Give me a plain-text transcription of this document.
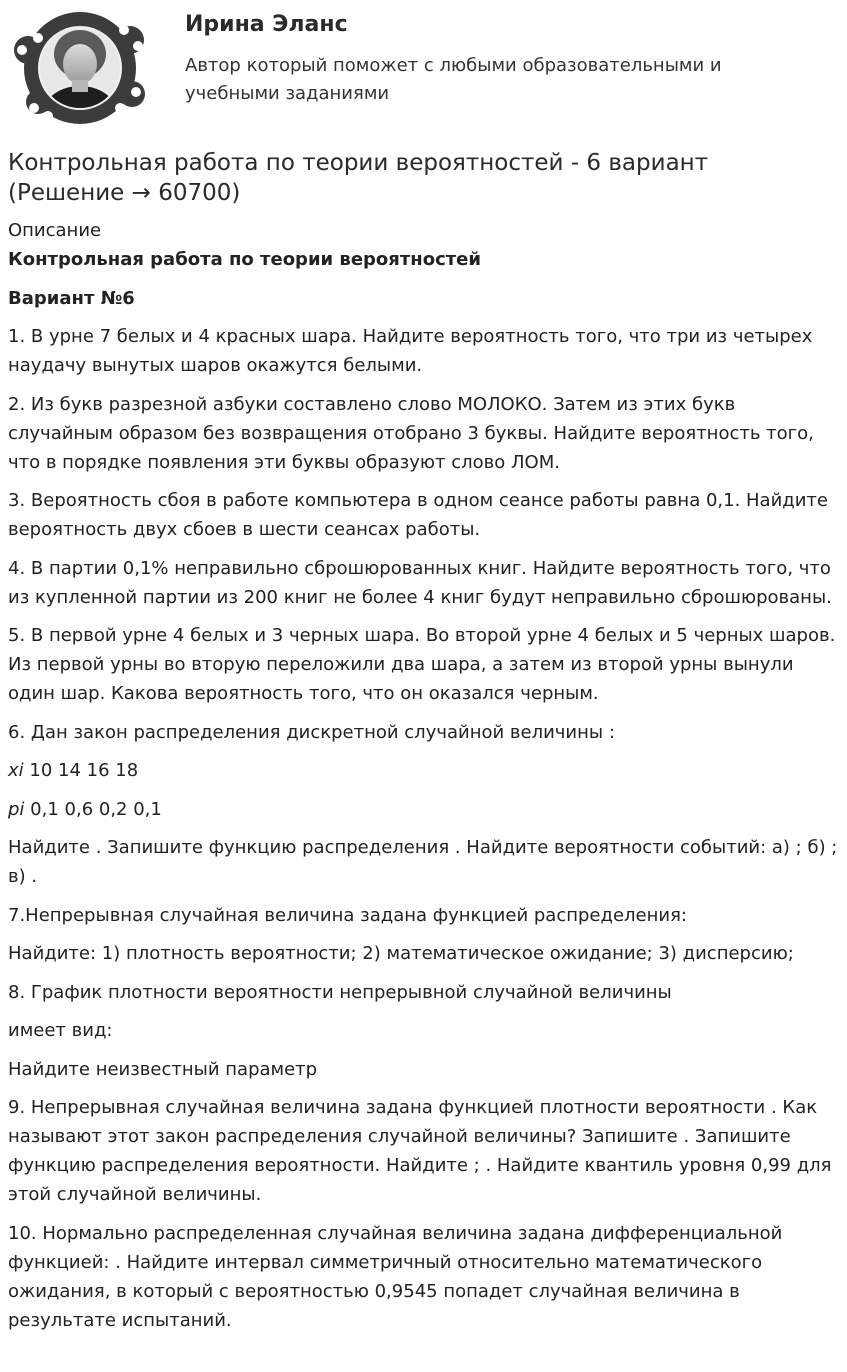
Ирина Эланс
Автор который поможет с любыми образовательными и учебными заданиями
Контрольная работа по теории вероятностей - 6 вариант (Решение → 60700)

Описание

Контрольная работа по теории вероятностей

Вариант №6

1. В урне 7 белых и 4 красных шара. Найдите вероятность того, что три из четырех наудачу вынутых шаров окажутся белыми.

2. Из букв разрезной азбуки составлено слово МОЛОКО. Затем из этих букв случайным образом без возвращения отобрано 3 буквы. Найдите вероятность того, что в порядке появления эти буквы образуют слово ЛОМ.

3. Вероятность сбоя в работе компьютера в одном сеансе работы равна 0,1. Найдите вероятность двух сбоев в шести сеансах работы.

4. В партии 0,1% неправильно сброшюрованных книг. Найдите вероятность того, что из купленной партии из 200 книг не более 4 книг будут неправильно сброшюрованы.

5. В первой урне 4 белых и 3 черных шара. Во второй урне 4 белых и 5 черных шаров. Из первой урны во вторую переложили два шара, а затем из второй урны вынули один шар. Какова вероятность того, что он оказался черным.

6. Дан закон распределения дискретной случайной величины :

xi 10 14 16 18

pi 0,1 0,6 0,2 0,1

Найдите . Запишите функцию распределения . Найдите вероятности событий: а) ; б) ; в) .

7.Непрерывная случайная величина задана функцией распределения:

Найдите: 1) плотность вероятности; 2) математическое ожидание; 3) дисперсию;

8. График плотности вероятности непрерывной случайной величины

имеет вид:

Найдите неизвестный параметр

9. Непрерывная случайная величина задана функцией плотности вероятности . Как называют этот закон распределения случайной величины? Запишите . Запишите функцию распределения вероятности. Найдите ; . Найдите квантиль уровня 0,99 для этой случайной величины.

10. Нормально распределенная случайная величина задана дифференциальной функцией: . Найдите интервал симметричный относительно математического ожидания, в который с вероятностью 0,9545 попадет случайная величина в результате испытаний.
